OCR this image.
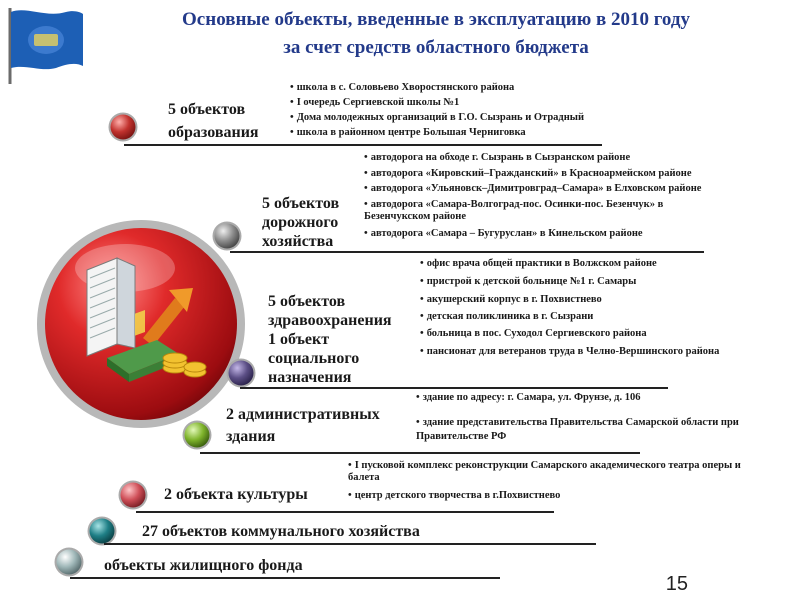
Основные объекты, введенные в эксплуатацию в 2010 году
за счет средств областного бюджета
5 объектов
образования
5 объектов
дорожного
хозяйства
5 объектов
здравоохранения
1 объект
социального
назначения
2 административных
здания
2 объекта культуры
27 объектов коммунального хозяйства
объекты жилищного фонда
• школа в с. Соловьево Хворостянского района
• I очередь Сергиевской школы №1
• Дома молодежных организаций в Г.О. Сызрань и Отрадный
• школа в районном центре Большая Черниговка
• автодорога на обходе г. Сызрань в Сызранском районе
• автодорога «Кировский–Гражданский» в Красноармейском районе
• автодорога «Ульяновск–Димитровград–Самара» в Елховском районе
• автодорога «Самара-Волгоград-пос. Осинки-пос. Безенчук» в Безенчукском районе
• автодорога «Самара – Бугуруслан» в Кинельском районе
• офис врача общей практики в Волжском районе
• пристрой к детской больнице №1 г. Самары
• акушерский корпус в г. Похвистнево
• детская поликлиника в г. Сызрани
• больница в пос. Суходол Сергиевского района
• пансионат для ветеранов труда в Челно-Вершинского района
• здание по адресу: г. Самара, ул. Фрунзе, д. 106
• здание представительства Правительства Самарской области при Правительстве РФ
• I пусковой комплекс реконструкции Самарского академического театра оперы и балета
• центр детского творчества в г.Похвистнево
15
